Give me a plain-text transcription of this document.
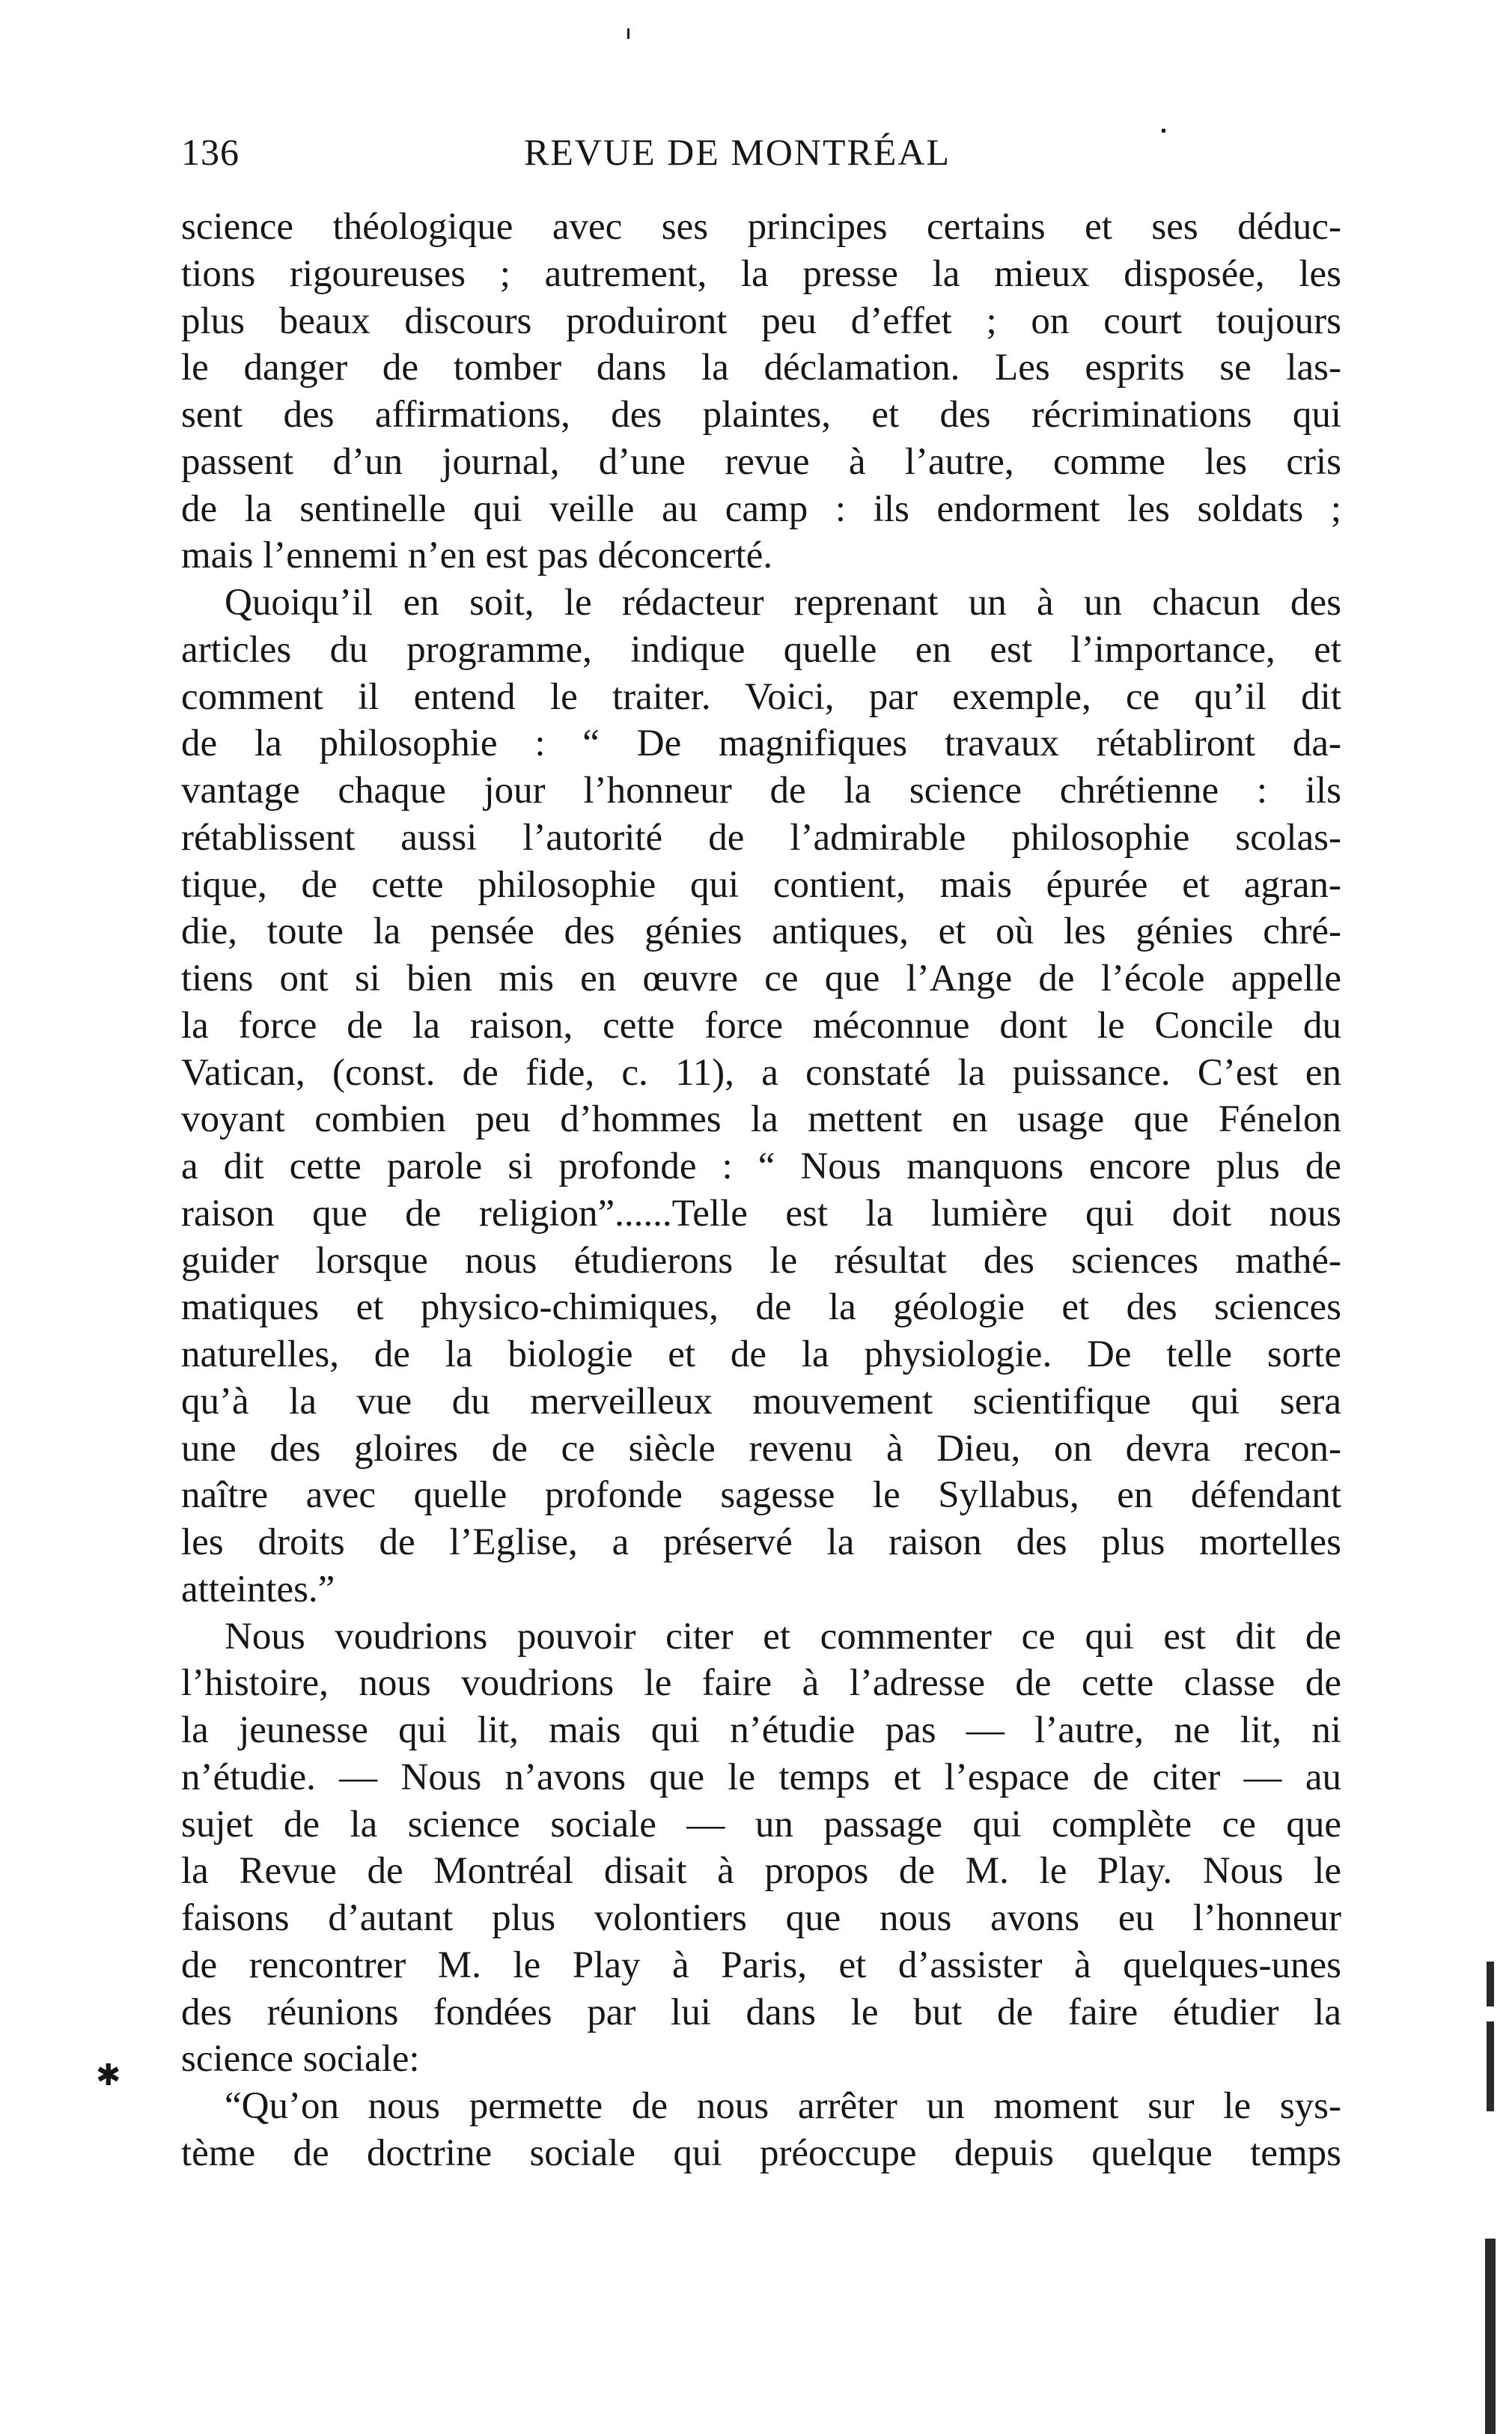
136	REVUE DE MONTRÉAL
science théologique avec ses principes certains et ses déduc-
tions rigoureuses ; autrement, la presse la mieux disposée, les
plus beaux discours produiront peu d’effet ; on court toujours
le danger de tomber dans la déclamation. Les esprits se las-
sent des affirmations, des plaintes, et des récriminations qui
passent d’un journal, d’une revue à l’autre, comme les cris
de la sentinelle qui veille au camp : ils endorment les soldats ;
mais l’ennemi n’en est pas déconcerté.
Quoiqu’il en soit, le rédacteur reprenant un à un chacun des
articles du programme, indique quelle en est l’importance, et
comment il entend le traiter. Voici, par exemple, ce qu’il dit
de la philosophie : “ De magnifiques travaux rétabliront da-
vantage chaque jour l’honneur de la science chrétienne : ils
rétablissent aussi l’autorité de l’admirable philosophie scolas-
tique, de cette philosophie qui contient, mais épurée et agran-
die, toute la pensée des génies antiques, et où les génies chré-
tiens ont si bien mis en œuvre ce que l’Ange de l’école appelle
la force de la raison, cette force méconnue dont le Concile du
Vatican, (const. de fide, c. 11), a constaté la puissance. C’est en
voyant combien peu d’hommes la mettent en usage que Fénelon
a dit cette parole si profonde : “ Nous manquons encore plus de
raison que de religion”......Telle est la lumière qui doit nous
guider lorsque nous étudierons le résultat des sciences mathé-
matiques et physico-chimiques, de la géologie et des sciences
naturelles, de la biologie et de la physiologie. De telle sorte
qu’à la vue du merveilleux mouvement scientifique qui sera
une des gloires de ce siècle revenu à Dieu, on devra recon-
naître avec quelle profonde sagesse le Syllabus, en défendant
les droits de l’Eglise, a préservé la raison des plus mortelles
atteintes.”
Nous voudrions pouvoir citer et commenter ce qui est dit de
l’histoire, nous voudrions le faire à l’adresse de cette classe de
la jeunesse qui lit, mais qui n’étudie pas — l’autre, ne lit, ni
n’étudie. — Nous n’avons que le temps et l’espace de citer — au
sujet de la science sociale — un passage qui complète ce que
la Revue de Montréal disait à propos de M. le Play. Nous le
faisons d’autant plus volontiers que nous avons eu l’honneur
de rencontrer M. le Play à Paris, et d’assister à quelques-unes
des réunions fondées par lui dans le but de faire étudier la
science sociale:
“Qu’on nous permette de nous arrêter un moment sur le sys-
tème de doctrine sociale qui préoccupe depuis quelque temps
✱
